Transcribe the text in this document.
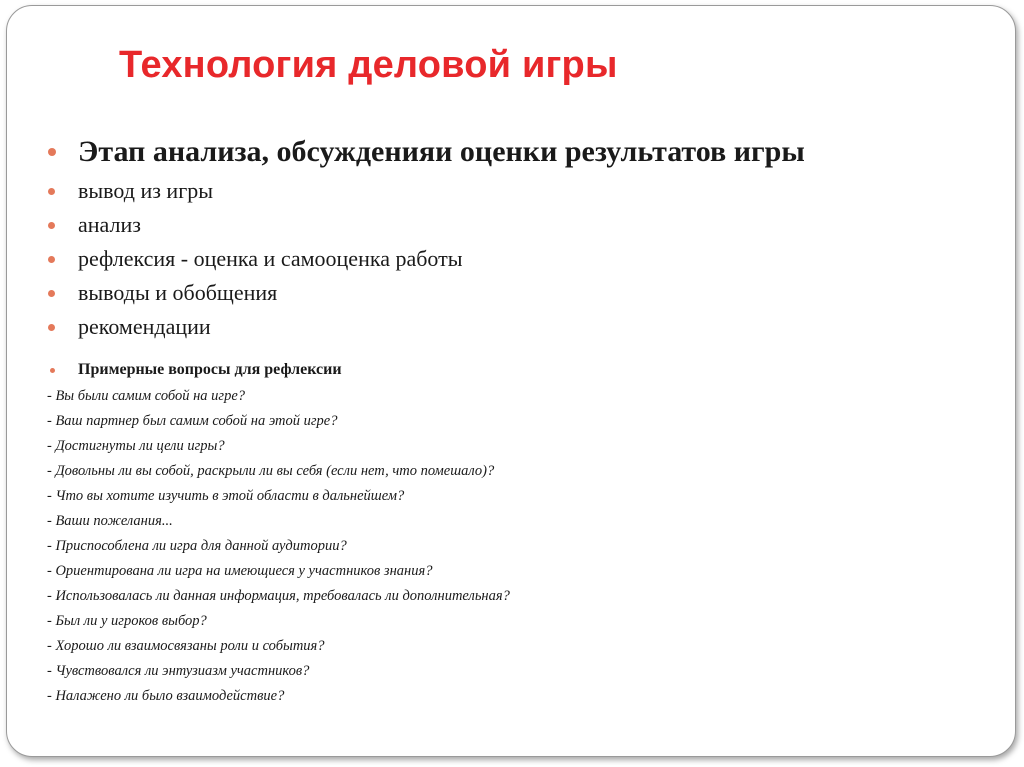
Технология деловой игры
Этап анализа, обсужденияи оценки результатов игры
вывод из игры
анализ
рефлексия - оценка и самооценка работы
выводы и обобщения
рекомендации
Примерные вопросы для рефлексии
- Вы были самим собой на игре?
- Ваш партнер был самим собой на этой игре?
- Достигнуты ли цели игры?
- Довольны ли вы собой, раскрыли ли вы себя (если нет, что помешало)?
- Что вы хотите изучить в этой области в дальнейшем?
- Ваши пожелания...
- Приспособлена ли игра для данной аудитории?
- Ориентирована ли игра на имеющиеся у участников знания?
- Использовалась ли данная информация, требовалась ли дополнительная?
- Был ли у игроков выбор?
- Хорошо ли взаимосвязаны роли и события?
- Чувствовался ли энтузиазм участников?
- Налажено ли было взаимодействие?
